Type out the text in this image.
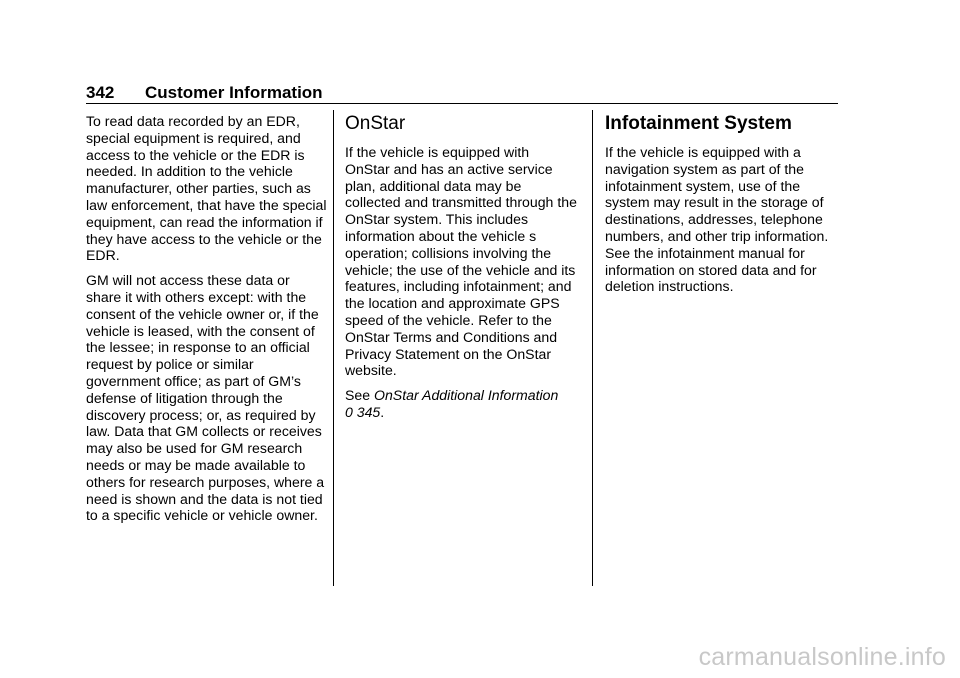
342 Customer Information

To read data recorded by an EDR, special equipment is required, and access to the vehicle or the EDR is needed. In addition to the vehicle manufacturer, other parties, such as law enforcement, that have the special equipment, can read the information if they have access to the vehicle or the EDR.

GM will not access these data or share it with others except: with the consent of the vehicle owner or, if the vehicle is leased, with the consent of the lessee; in response to an official request by police or similar government office; as part of GM’s defense of litigation through the discovery process; or, as required by law. Data that GM collects or receives may also be used for GM research needs or may be made available to others for research purposes, where a need is shown and the data is not tied to a specific vehicle or vehicle owner.

OnStar

If the vehicle is equipped with OnStar and has an active service plan, additional data may be collected and transmitted through the OnStar system. This includes information about the vehicle s operation; collisions involving the vehicle; the use of the vehicle and its features, including infotainment; and the location and approximate GPS speed of the vehicle. Refer to the OnStar Terms and Conditions and Privacy Statement on the OnStar website.

See OnStar Additional Information
0 345.

Infotainment System

If the vehicle is equipped with a navigation system as part of the infotainment system, use of the system may result in the storage of destinations, addresses, telephone numbers, and other trip information. See the infotainment manual for information on stored data and for deletion instructions.

carmanualsonline.info
